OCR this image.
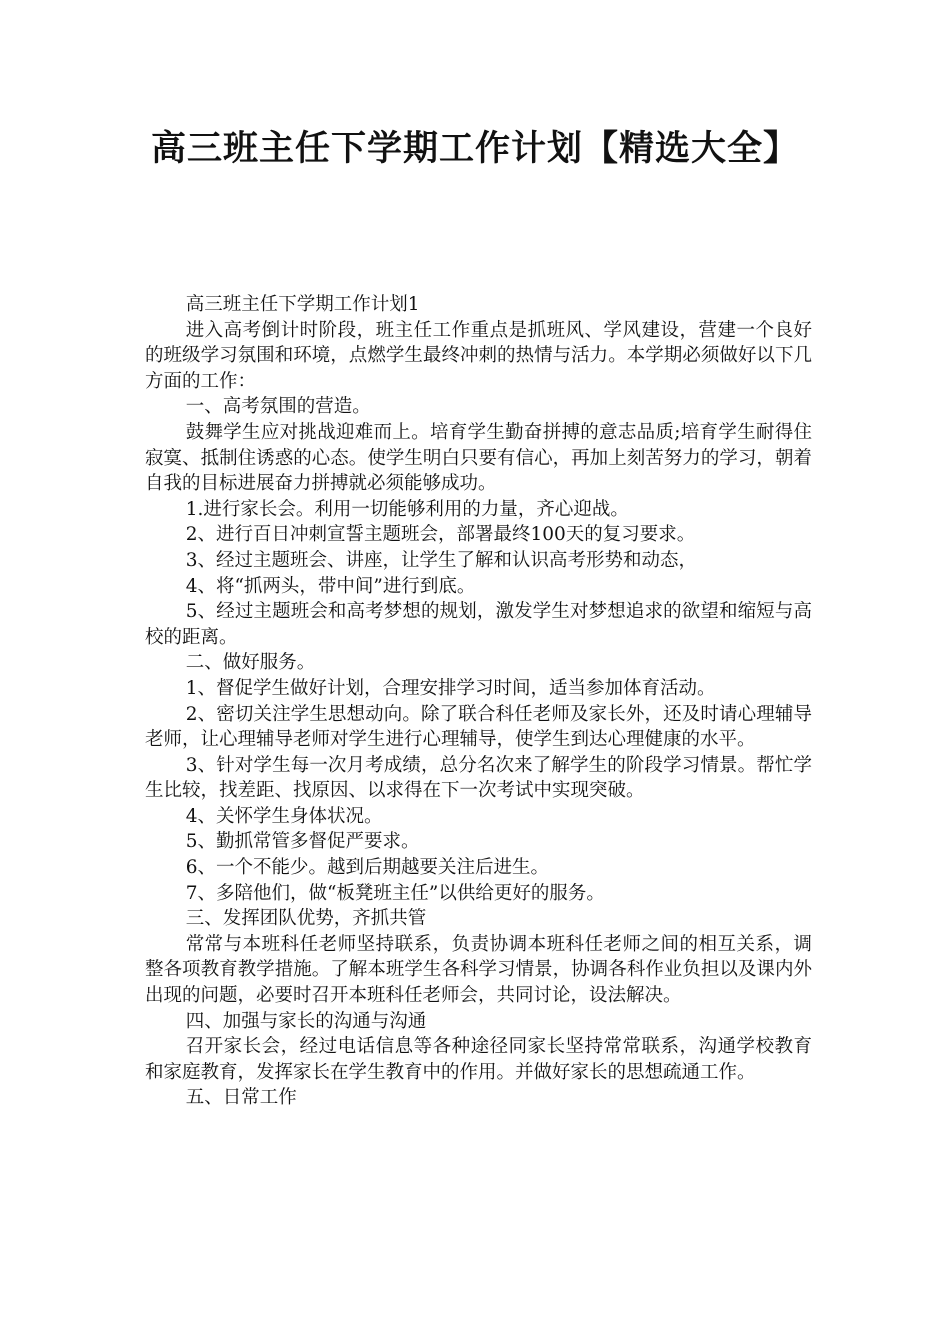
高三班主任下学期工作计划【精选大全】

高三班主任下学期工作计划1

进入高考倒计时阶段，班主任工作重点是抓班风、学风建设，营建一个良好的班级学习氛围和环境，点燃学生最终冲刺的热情与活力。本学期必须做好以下几方面的工作：

一、高考氛围的营造。

鼓舞学生应对挑战迎难而上。培育学生勤奋拼搏的意志品质;培育学生耐得住寂寞、抵制住诱惑的心态。使学生明白只要有信心，再加上刻苦努力的学习，朝着自我的目标进展奋力拼搏就必须能够成功。

1.进行家长会。利用一切能够利用的力量，齐心迎战。

2、进行百日冲刺宣誓主题班会，部署最终100天的复习要求。

3、经过主题班会、讲座，让学生了解和认识高考形势和动态，

4、将“抓两头，带中间”进行到底。

5、经过主题班会和高考梦想的规划，激发学生对梦想追求的欲望和缩短与高校的距离。

二、做好服务。

1、督促学生做好计划，合理安排学习时间，适当参加体育活动。

2、密切关注学生思想动向。除了联合科任老师及家长外，还及时请心理辅导老师，让心理辅导老师对学生进行心理辅导，使学生到达心理健康的水平。

3、针对学生每一次月考成绩，总分名次来了解学生的阶段学习情景。帮忙学生比较，找差距、找原因、以求得在下一次考试中实现突破。

4、关怀学生身体状况。

5、勤抓常管多督促严要求。

6、一个不能少。越到后期越要关注后进生。

7、多陪他们，做“板凳班主任”以供给更好的服务。

三、发挥团队优势，齐抓共管

常常与本班科任老师坚持联系，负责协调本班科任老师之间的相互关系，调整各项教育教学措施。了解本班学生各科学习情景，协调各科作业负担以及课内外出现的问题，必要时召开本班科任老师会，共同讨论，设法解决。

四、加强与家长的沟通与沟通

召开家长会，经过电话信息等各种途径同家长坚持常常联系，沟通学校教育和家庭教育，发挥家长在学生教育中的作用。并做好家长的思想疏通工作。

五、日常工作
